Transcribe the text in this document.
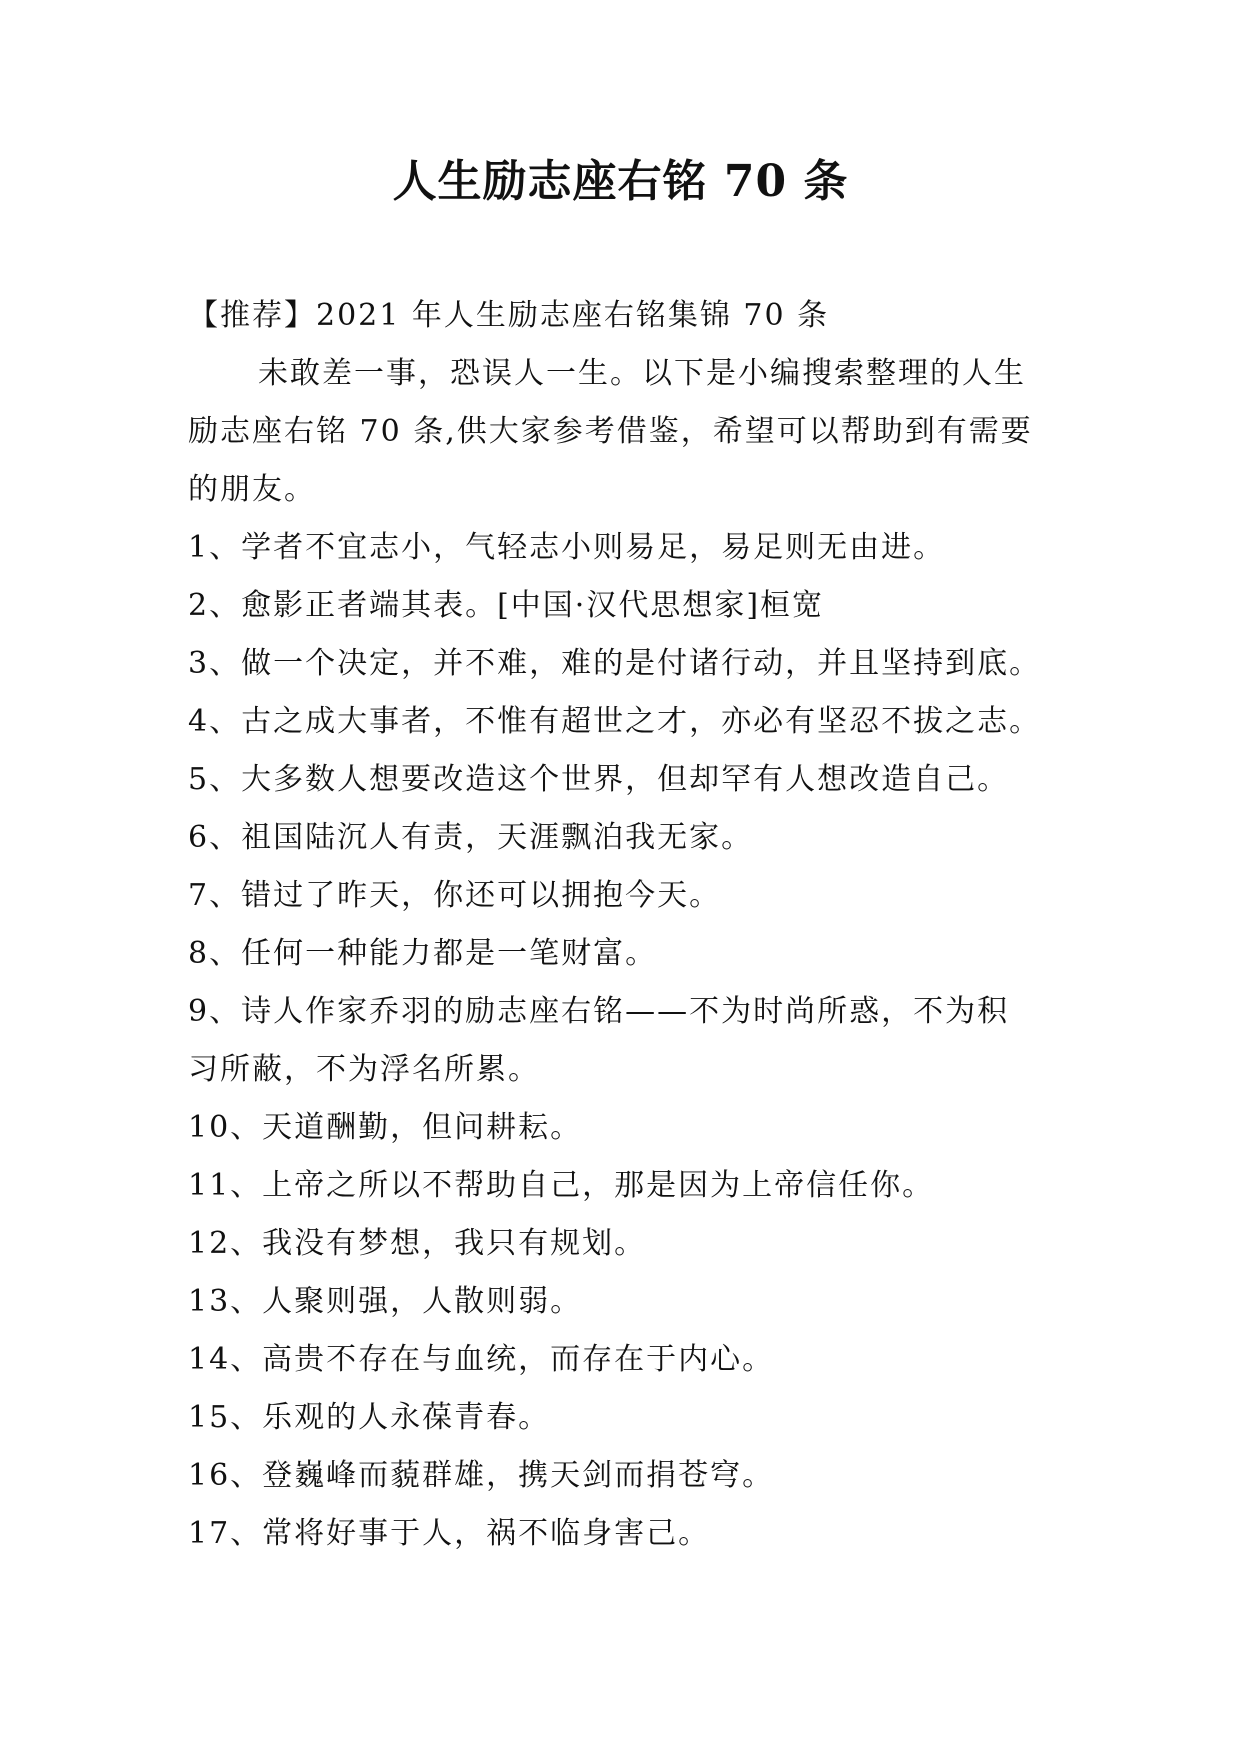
人生励志座右铭 70 条
【推荐】2021 年人生励志座右铭集锦 70 条
未敢差一事，恐误人一生。以下是小编搜索整理的人生
励志座右铭 70 条,供大家参考借鉴，希望可以帮助到有需要
的朋友。
1、学者不宜志小，气轻志小则易足，易足则无由进。
2、愈影正者端其表。[中国·汉代思想家]桓宽
3、做一个决定，并不难，难的是付诸行动，并且坚持到底。
4、古之成大事者，不惟有超世之才，亦必有坚忍不拔之志。
5、大多数人想要改造这个世界，但却罕有人想改造自己。
6、祖国陆沉人有责，天涯飘泊我无家。
7、错过了昨天，你还可以拥抱今天。
8、任何一种能力都是一笔财富。
9、诗人作家乔羽的励志座右铭——不为时尚所惑，不为积
习所蔽，不为浮名所累。
10、天道酬勤，但问耕耘。
11、上帝之所以不帮助自己，那是因为上帝信任你。
12、我没有梦想，我只有规划。
13、人聚则强，人散则弱。
14、高贵不存在与血统，而存在于内心。
15、乐观的人永葆青春。
16、登巍峰而藐群雄，携天剑而捐苍穹。
17、常将好事于人，祸不临身害己。
